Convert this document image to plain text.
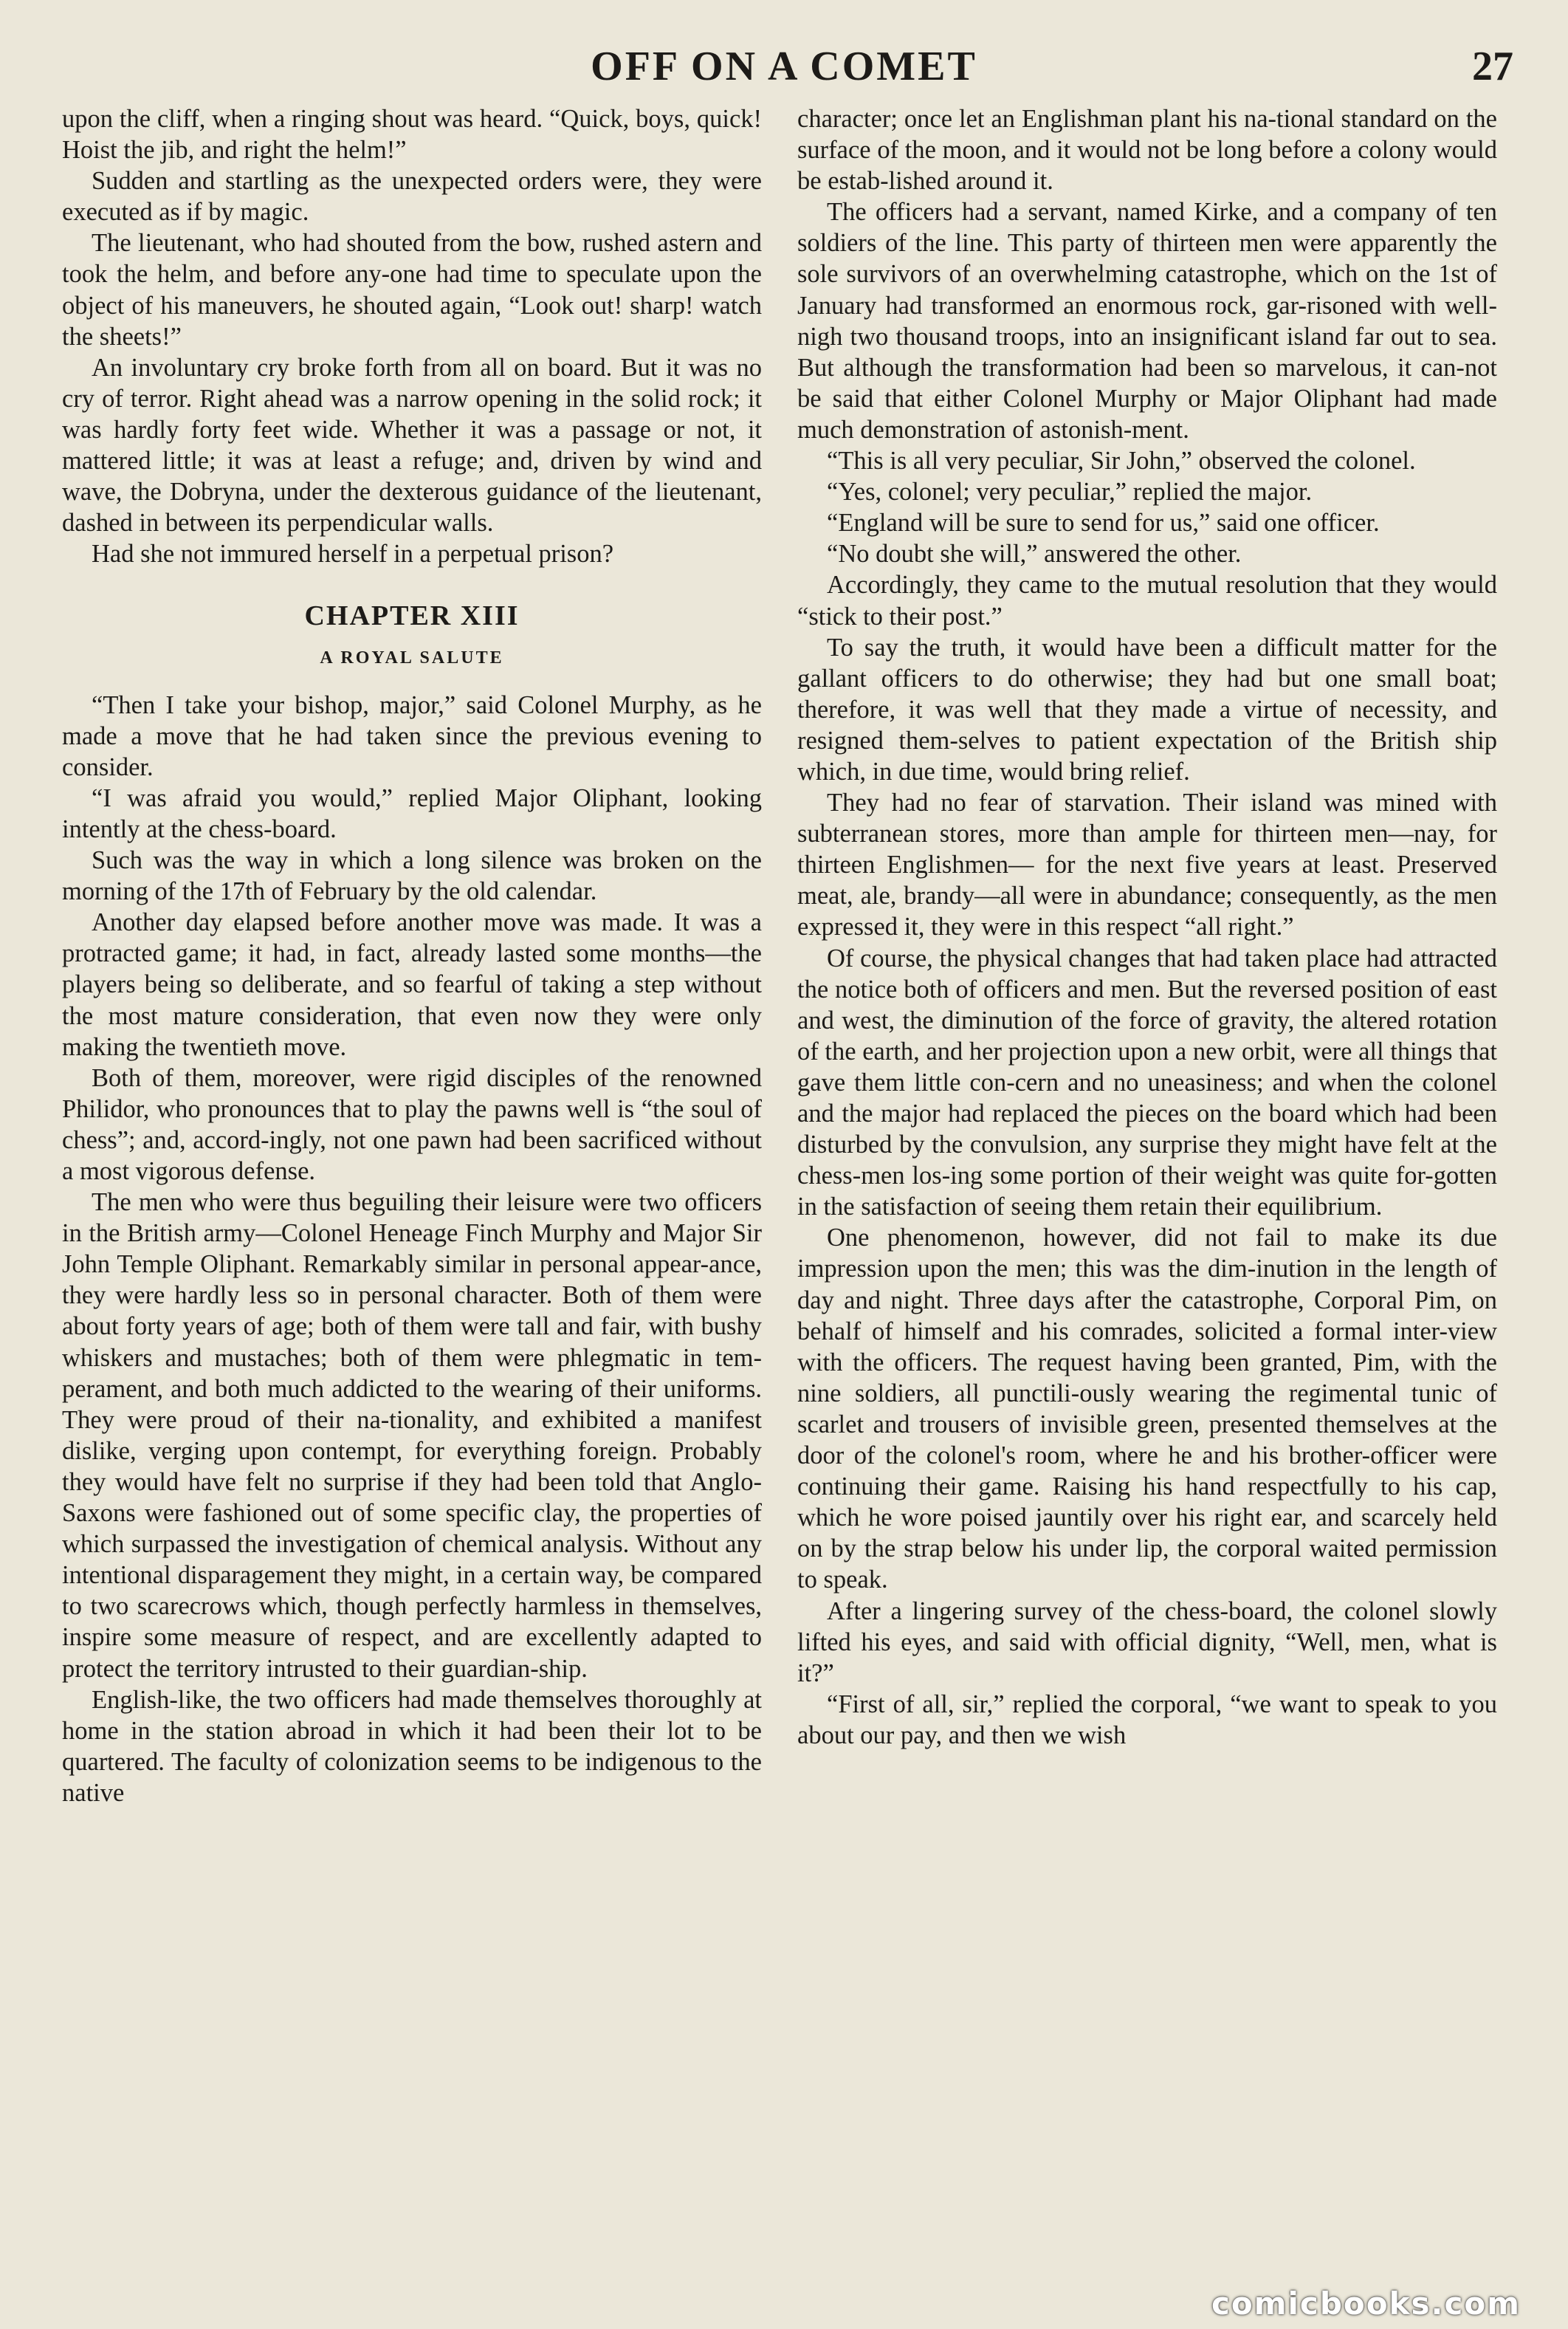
OFF ON A COMET	27

upon the cliff, when a ringing shout was heard. “Quick, boys, quick! Hoist the jib, and right the helm!”

Sudden and startling as the unexpected orders were, they were executed as if by magic.

The lieutenant, who had shouted from the bow, rushed astern and took the helm, and before any-one had time to speculate upon the object of his maneuvers, he shouted again, “Look out! sharp! watch the sheets!”

An involuntary cry broke forth from all on board. But it was no cry of terror. Right ahead was a narrow opening in the solid rock; it was hardly forty feet wide. Whether it was a passage or not, it mattered little; it was at least a refuge; and, driven by wind and wave, the Dobryna, under the dexterous guidance of the lieutenant, dashed in between its perpendicular walls.

Had she not immured herself in a perpetual prison?

CHAPTER XIII
A ROYAL SALUTE

“Then I take your bishop, major,” said Colonel Murphy, as he made a move that he had taken since the previous evening to consider.

“I was afraid you would,” replied Major Oliphant, looking intently at the chess-board.

Such was the way in which a long silence was broken on the morning of the 17th of February by the old calendar.

Another day elapsed before another move was made. It was a protracted game; it had, in fact, already lasted some months—the players being so deliberate, and so fearful of taking a step without the most mature consideration, that even now they were only making the twentieth move.

Both of them, moreover, were rigid disciples of the renowned Philidor, who pronounces that to play the pawns well is “the soul of chess”; and, accord-ingly, not one pawn had been sacrificed without a most vigorous defense.

The men who were thus beguiling their leisure were two officers in the British army—Colonel Heneage Finch Murphy and Major Sir John Temple Oliphant. Remarkably similar in personal appear-ance, they were hardly less so in personal character. Both of them were about forty years of age; both of them were tall and fair, with bushy whiskers and mustaches; both of them were phlegmatic in tem-perament, and both much addicted to the wearing of their uniforms. They were proud of their na-tionality, and exhibited a manifest dislike, verging upon contempt, for everything foreign. Probably they would have felt no surprise if they had been told that Anglo-Saxons were fashioned out of some specific clay, the properties of which surpassed the investigation of chemical analysis. Without any intentional disparagement they might, in a certain way, be compared to two scarecrows which, though perfectly harmless in themselves, inspire some measure of respect, and are excellently adapted to protect the territory intrusted to their guardian-ship.

English-like, the two officers had made themselves thoroughly at home in the station abroad in which it had been their lot to be quartered. The faculty of colonization seems to be indigenous to the native

character; once let an Englishman plant his na-tional standard on the surface of the moon, and it would not be long before a colony would be estab-lished around it.

The officers had a servant, named Kirke, and a company of ten soldiers of the line. This party of thirteen men were apparently the sole survivors of an overwhelming catastrophe, which on the 1st of January had transformed an enormous rock, gar-risoned with well-nigh two thousand troops, into an insignificant island far out to sea. But although the transformation had been so marvelous, it can-not be said that either Colonel Murphy or Major Oliphant had made much demonstration of astonish-ment.

“This is all very peculiar, Sir John,” observed the colonel.

“Yes, colonel; very peculiar,” replied the major.

“England will be sure to send for us,” said one officer.

“No doubt she will,” answered the other.

Accordingly, they came to the mutual resolution that they would “stick to their post.”

To say the truth, it would have been a difficult matter for the gallant officers to do otherwise; they had but one small boat; therefore, it was well that they made a virtue of necessity, and resigned them-selves to patient expectation of the British ship which, in due time, would bring relief.

They had no fear of starvation. Their island was mined with subterranean stores, more than ample for thirteen men—nay, for thirteen Englishmen— for the next five years at least. Preserved meat, ale, brandy—all were in abundance; consequently, as the men expressed it, they were in this respect “all right.”

Of course, the physical changes that had taken place had attracted the notice both of officers and men. But the reversed position of east and west, the diminution of the force of gravity, the altered rotation of the earth, and her projection upon a new orbit, were all things that gave them little con-cern and no uneasiness; and when the colonel and the major had replaced the pieces on the board which had been disturbed by the convulsion, any surprise they might have felt at the chess-men los-ing some portion of their weight was quite for-gotten in the satisfaction of seeing them retain their equilibrium.

One phenomenon, however, did not fail to make its due impression upon the men; this was the dim-inution in the length of day and night. Three days after the catastrophe, Corporal Pim, on behalf of himself and his comrades, solicited a formal inter-view with the officers. The request having been granted, Pim, with the nine soldiers, all punctili-ously wearing the regimental tunic of scarlet and trousers of invisible green, presented themselves at the door of the colonel's room, where he and his brother-officer were continuing their game. Raising his hand respectfully to his cap, which he wore poised jauntily over his right ear, and scarcely held on by the strap below his under lip, the corporal waited permission to speak.

After a lingering survey of the chess-board, the colonel slowly lifted his eyes, and said with official dignity, “Well, men, what is it?”

“First of all, sir,” replied the corporal, “we want to speak to you about our pay, and then we wish

comicbooks.com
